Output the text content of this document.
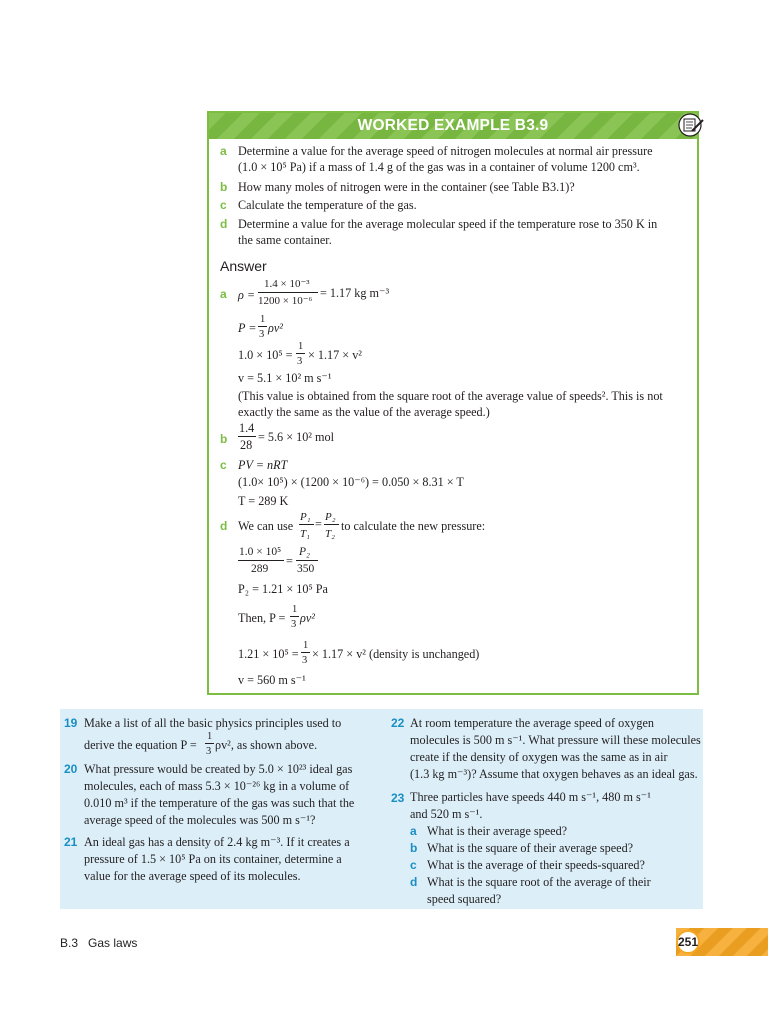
WORKED EXAMPLE B3.9
a Determine a value for the average speed of nitrogen molecules at normal air pressure
(1.0 × 10⁵ Pa) if a mass of 1.4 g of the gas was in a container of volume 1200 cm³.
b How many moles of nitrogen were in the container (see Table B3.1)?
c Calculate the temperature of the gas.
d Determine a value for the average molecular speed if the temperature rose to 350 K in
the same container.
Answer
a ρ =
1.4 × 10⁻³
1200 × 10⁻⁶
= 1.17 kg m⁻³
P =
1
3 ρv²
1.0 × 10⁵ =
1
3 × 1.17 × v²
v = 5.1 × 10² m s⁻¹
(This value is obtained from the square root of the average value of speeds². This is not
exactly the same as the value of the average speed.)
b
1.4
28
= 5.6 × 10² mol
c PV = nRT
(1.0× 10⁵) × (1200 × 10⁻⁶) = 0.050 × 8.31 × T
T = 289 K
d We can use
P₁
T₁
= P₂
T₂
to calculate the new pressure:
1.0 × 10⁵
289
=
P₂
350
P₂ = 1.21 × 10⁵ Pa
Then, P =
1
3 ρv²
1.21 × 10⁵ =
1
3 × 1.17 × v² (density is unchanged)
v = 560 m s⁻¹
19 Make a list of all the basic physics principles used to
derive the equation P =
1
3 ρv², as shown above.
20 What pressure would be created by 5.0 × 10²³ ideal gas
molecules, each of mass 5.3 × 10⁻²⁶ kg in a volume of
0.010 m³ if the temperature of the gas was such that the
average speed of the molecules was 500 m s⁻¹?
21 An ideal gas has a density of 2.4 kg m⁻³. If it creates a
pressure of 1.5 × 10⁵ Pa on its container, determine a
value for the average speed of its molecules.
22 At room temperature the average speed of oxygen
molecules is 500 m s⁻¹. What pressure will these molecules
create if the density of oxygen was the same as in air
(1.3 kg m⁻³)? Assume that oxygen behaves as an ideal gas.
23 Three particles have speeds 440 m s⁻¹, 480 m s⁻¹
and 520 m s⁻¹.
a What is their average speed?
b What is the square of their average speed?
c What is the average of their speeds-squared?
d What is the square root of the average of their
speed squared?
B.3   Gas laws	251
